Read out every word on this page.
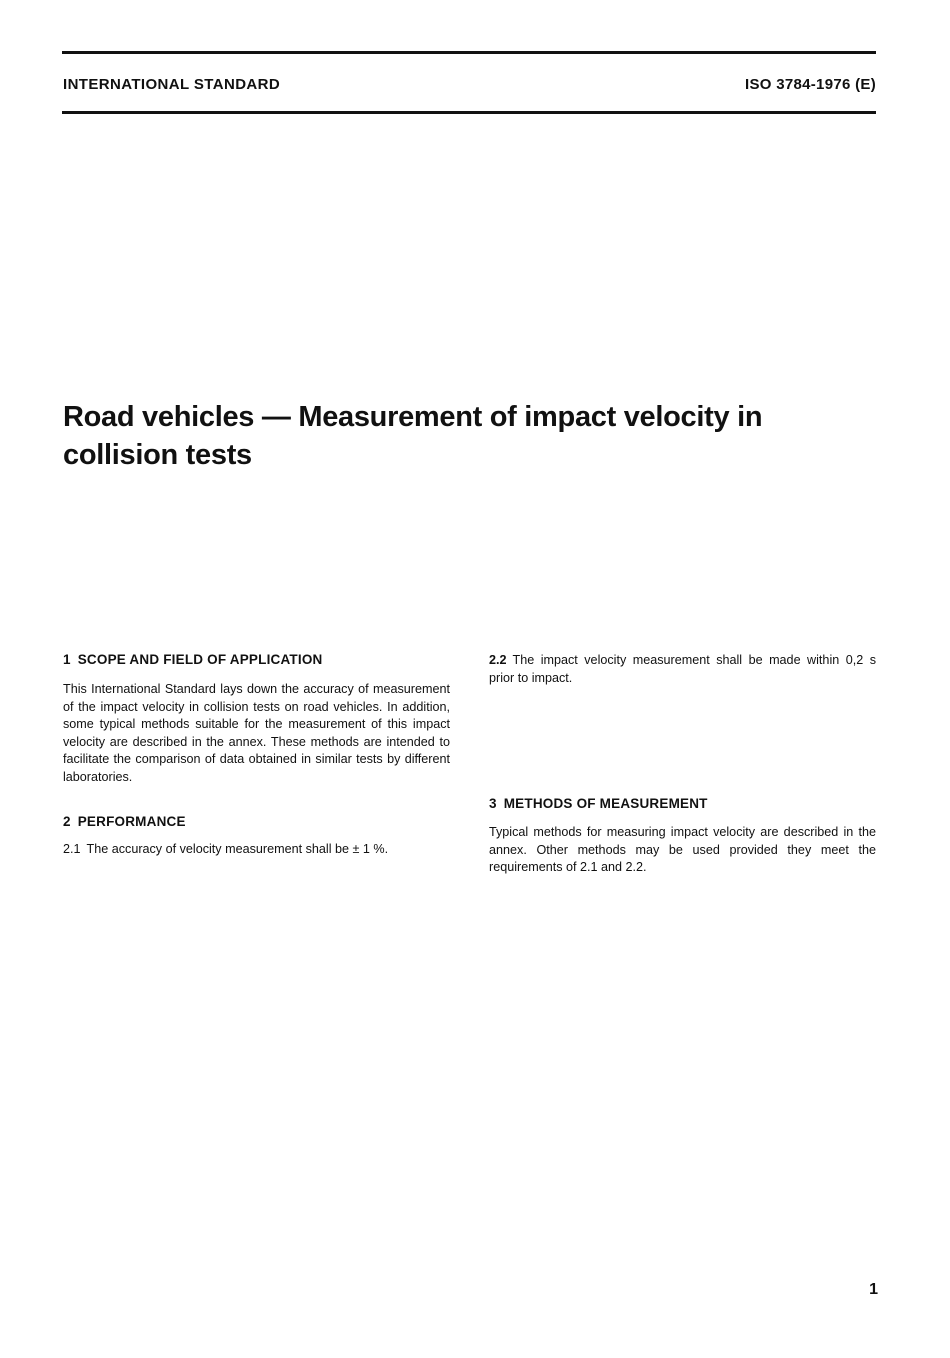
INTERNATIONAL STANDARD	ISO 3784-1976 (E)
Road vehicles — Measurement of impact velocity in collision tests

1 SCOPE AND FIELD OF APPLICATION

This International Standard lays down the accuracy of measurement of the impact velocity in collision tests on road vehicles. In addition, some typical methods suitable for the measurement of this impact velocity are described in the annex. These methods are intended to facilitate the comparison of data obtained in similar tests by different laboratories.

2 PERFORMANCE

2.1 The accuracy of velocity measurement shall be ± 1 %.

2.2 The impact velocity measurement shall be made within 0,2 s prior to impact.

3 METHODS OF MEASUREMENT

Typical methods for measuring impact velocity are described in the annex. Other methods may be used provided they meet the requirements of 2.1 and 2.2.

1
